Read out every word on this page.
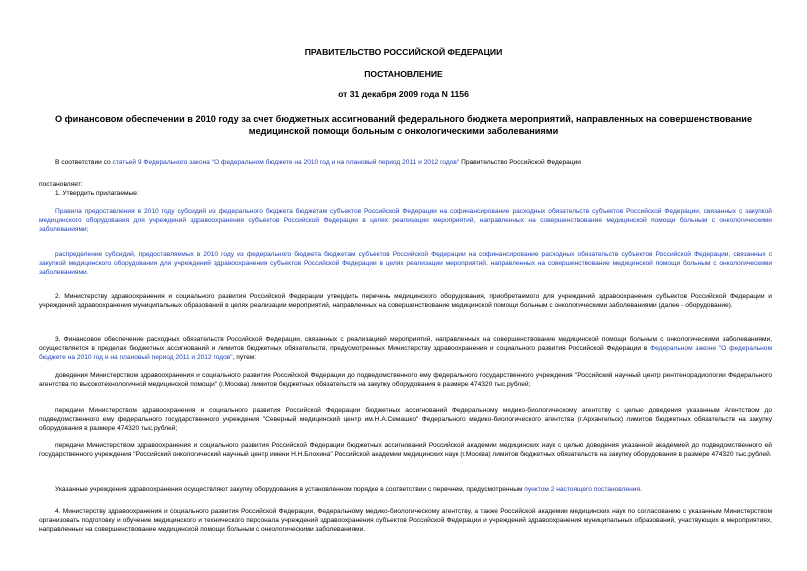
ПРАВИТЕЛЬСТВО РОССИЙСКОЙ ФЕДЕРАЦИИ
ПОСТАНОВЛЕНИЕ
от 31 декабря 2009 года N 1156
О финансовом обеспечении в 2010 году за счет бюджетных ассигнований федерального бюджета мероприятий, направленных на совершенствование
медицинской помощи больным с онкологическими заболеваниями
В соответствии со статьей 9 Федерального закона "О федеральном бюджете на 2010 год и на плановый период 2011 и 2012 годов" Правительство Российской Федерации
постановляет:
1. Утвердить прилагаемые:
Правила предоставления в 2010 году субсидий из федерального бюджета бюджетам субъектов Российской Федерации на софинансирование расходных обязательств субъектов Российской Федерации, связанных с закупкой медицинского оборудования для учреждений здравоохранения субъектов Российской Федерации в целях реализации мероприятий, направленных на совершенствование медицинской помощи больным с онкологическими заболеваниями;
распределение субсидий, предоставляемых в 2010 году из федерального бюджета бюджетам субъектов Российской Федерации на софинансирование расходных обязательств субъектов Российской Федерации, связанных с закупкой медицинского оборудования для учреждений здравоохранения субъектов Российской Федерации в целях реализации мероприятий, направленных на совершенствование медицинской помощи больным с онкологическими заболеваниями.
2. Министерству здравоохранения и социального развития Российской Федерации утвердить перечень медицинского оборудования, приобретаемого для учреждений здравоохранения субъектов Российской Федерации и учреждений здравоохранения муниципальных образований в целях реализации мероприятий, направленных на совершенствование медицинской помощи больным с онкологическими заболеваниями (далее - оборудование).
3. Финансовое обеспечение расходных обязательств Российской Федерации, связанных с реализацией мероприятий, направленных на совершенствование медицинской помощи больным с онкологическими заболеваниями, осуществляется в пределах бюджетных ассигнований и лимитов бюджетных обязательств, предусмотренных Министерству здравоохранения и социального развития Российской Федерации в Федеральном законе "О федеральном бюджете на 2010 год и на плановый период 2011 и 2012 годов", путем:
доведения Министерством здравоохранения и социального развития Российской Федерации до подведомственного ему федерального государственного учреждения "Российский научный центр рентгенорадиологии Федерального агентства по высокотехнологичной медицинской помощи" (г.Москва) лимитов бюджетных обязательств на закупку оборудования в размере 474320 тыс.рублей;
передачи Министерством здравоохранения и социального развития Российской Федерации бюджетных ассигнований Федеральному медико-биологическому агентству с целью доведения указанным Агентством до подведомственного ему федерального государственного учреждения "Северный медицинский центр им.Н.А.Семашко" Федерального медико-биологического агентства (г.Архангельск) лимитов бюджетных обязательств на закупку оборудования в размере 474320 тыс.рублей;
передачи Министерством здравоохранения и социального развития Российской Федерации бюджетных ассигнований Российской академии медицинских наук с целью доведения указанной академией до подведомственного ей государственного учреждения "Российский онкологический научный центр имени Н.Н.Блохина" Российской академии медицинских наук (г.Москва) лимитов бюджетных обязательств на закупку оборудования в размере 474320 тыс.рублей.
Указанные учреждения здравоохранения осуществляют закупку оборудования в установленном порядке в соответствии с перечнем, предусмотренным пунктом 2 настоящего постановления.
4. Министерству здравоохранения и социального развития Российской Федерации, Федеральному медико-биологическому агентству, а также Российской академии медицинских наук по согласованию с указанным Министерством организовать подготовку и обучение медицинского и технического персонала учреждений здравоохранения субъектов Российской Федерации и учреждений здравоохранения муниципальных образований, участвующих в мероприятиях, направленных на совершенствование медицинской помощи больным с онкологическими заболеваниями.
